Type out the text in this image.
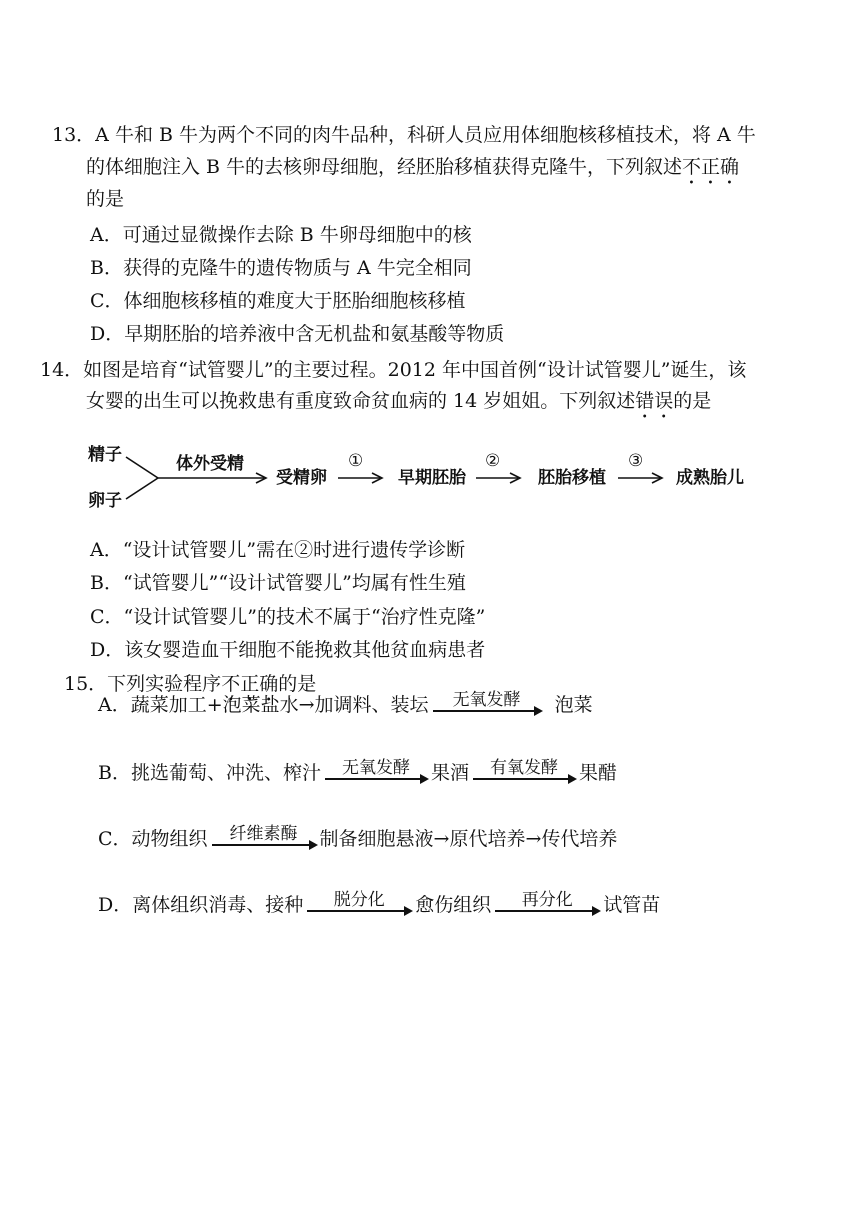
13．A 牛和 B 牛为两个不同的肉牛品种，科研人员应用体细胞核移植技术，将 A 牛
的体细胞注入 B 牛的去核卵母细胞，经胚胎移植获得克隆牛，下列叙述不正确
的是
A．可通过显微操作去除 B 牛卵母细胞中的核
B．获得的克隆牛的遗传物质与 A 牛完全相同
C．体细胞核移植的难度大于胚胎细胞核移植
D．早期胚胎的培养液中含无机盐和氨基酸等物质
14．如图是培育“试管婴儿”的主要过程。2012 年中国首例“设计试管婴儿”诞生，该
女婴的出生可以挽救患有重度致命贫血病的 14 岁姐姐。下列叙述错误的是
精子
卵子
体外受精
受精卵
①
早期胚胎
②
胚胎移植
③
成熟胎儿
A．“设计试管婴儿”需在②时进行遗传学诊断
B．“试管婴儿”“设计试管婴儿”均属有性生殖
C．“设计试管婴儿”的技术不属于“治疗性克隆”
D．该女婴造血干细胞不能挽救其他贫血病患者
15．下列实验程序不正确的是
A．蔬菜加工+泡菜盐水→加调料、装坛	无氧发酵	泡菜
B．挑选葡萄、冲洗、榨汁	无氧发酵	果酒	有氧发酵	果醋
C．动物组织	纤维素酶	制备细胞悬液→原代培养→传代培养
D．离体组织消毒、接种	脱分化	愈伤组织	再分化	试管苗
